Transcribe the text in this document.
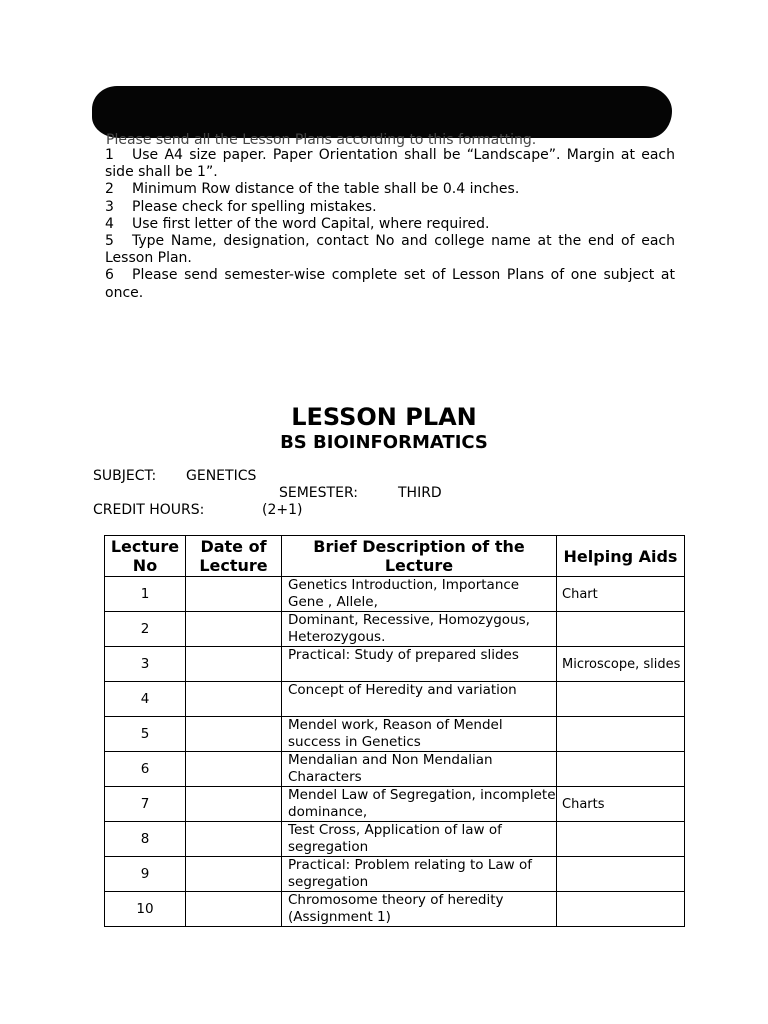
Please send all the Lesson Plans according to this formatting.

1 Use A4 size paper. Paper Orientation shall be “Landscape”. Margin at each side shall be 1”.

2 Minimum Row distance of the table shall be 0.4 inches.

3 Please check for spelling mistakes.

4 Use first letter of the word Capital, where required.

5 Type Name, designation, contact No and college name at the end of each Lesson Plan.

6 Please send semester-wise complete set of Lesson Plans of one subject at once.

LESSON PLAN
BS BIOINFORMATICS
SUBJECT: GENETICS
SEMESTER:	THIRD
CREDIT HOURS:	(2+1)
Lecture No	Date of Lecture	Brief Description of the Lecture	Helping Aids
1		Genetics Introduction, Importance Gene , Allele,	Chart
2		Dominant, Recessive, Homozygous, Heterozygous.	
3		Practical: Study of prepared slides	Microscope, slides
4		Concept of Heredity and variation	
5		Mendel work, Reason of Mendel success in Genetics	
6		Mendalian and Non Mendalian Characters	
7		Mendel Law of Segregation, incomplete dominance,	Charts
8		Test Cross, Application of law of segregation	
9		Practical: Problem relating to Law of segregation	
10		Chromosome theory of heredity (Assignment 1)	
